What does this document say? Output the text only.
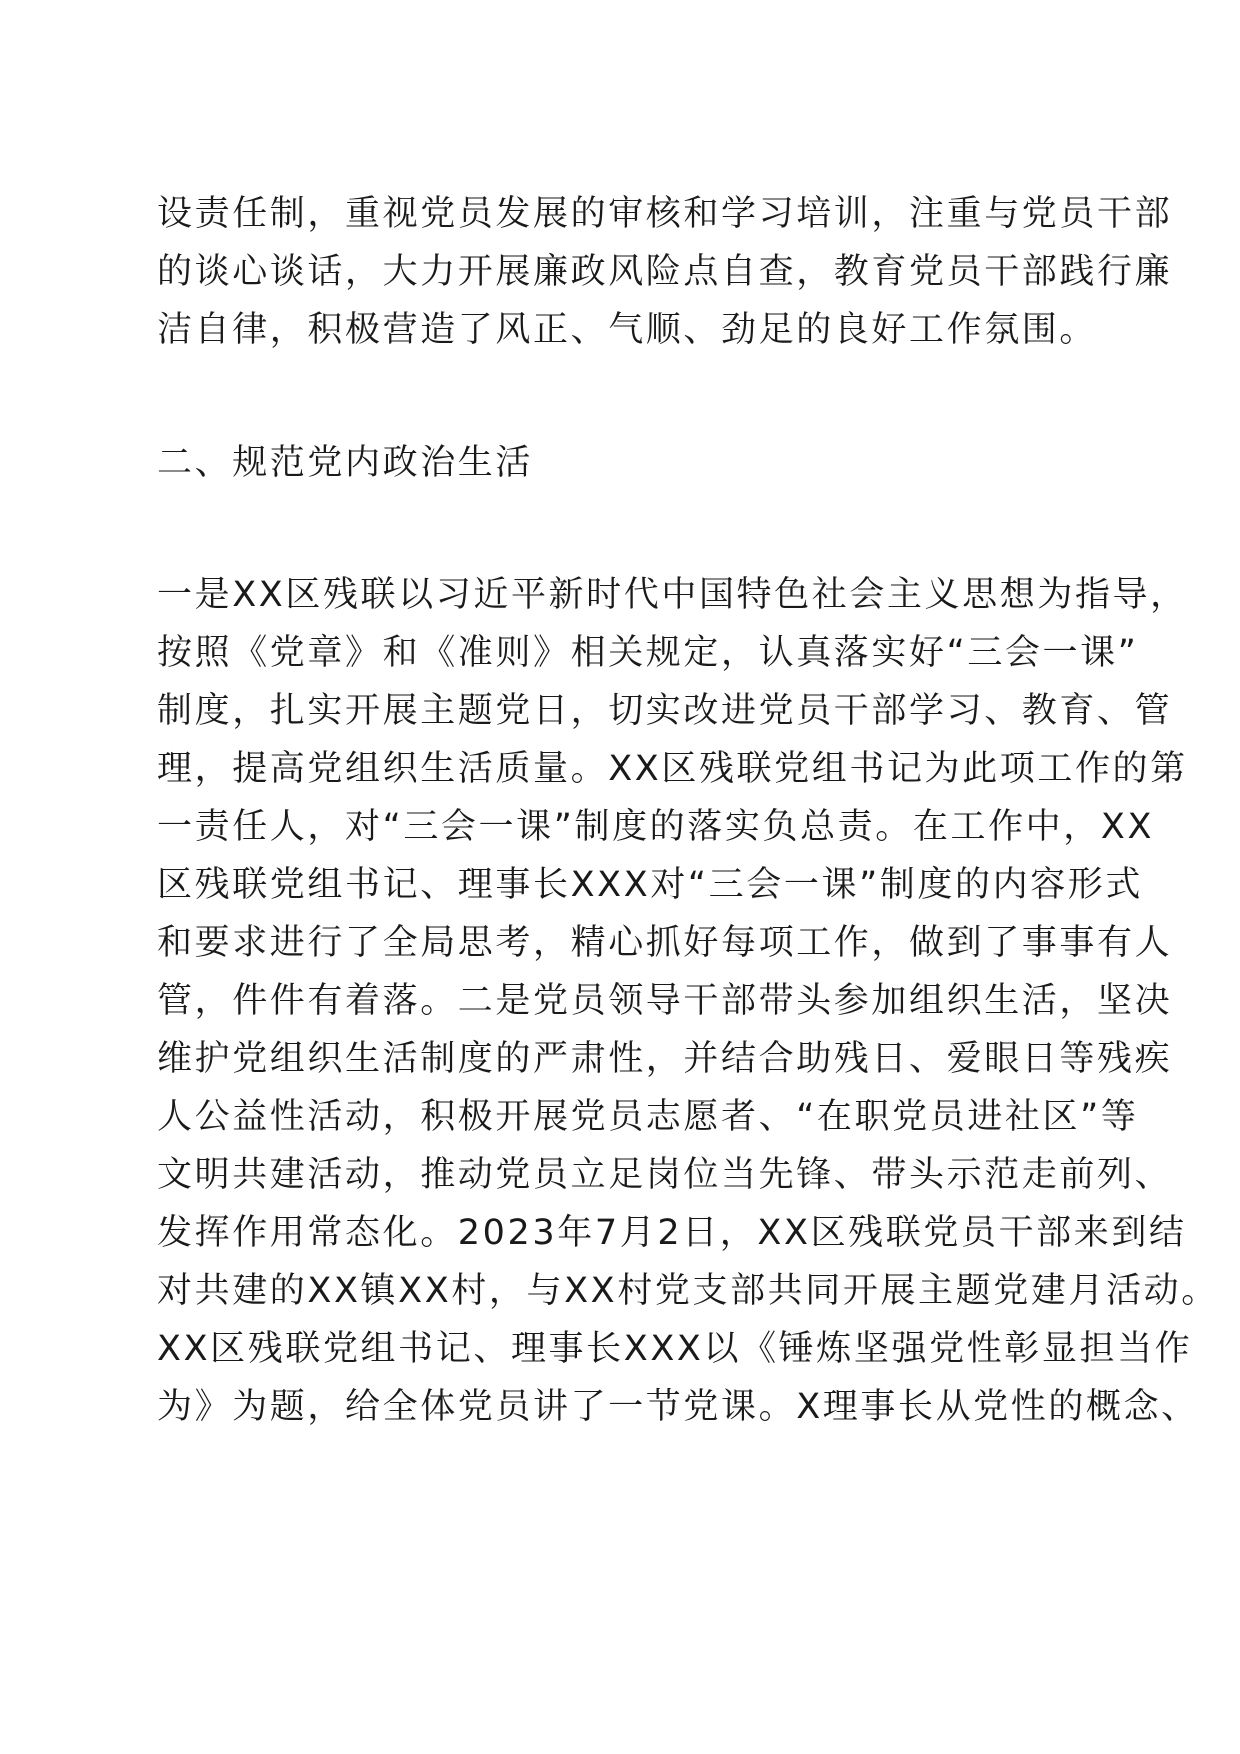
设责任制，重视党员发展的审核和学习培训，注重与党员干部
的谈心谈话，大力开展廉政风险点自查，教育党员干部践行廉
洁自律，积极营造了风正、气顺、劲足的良好工作氛围。
二、规范党内政治生活
一是XX区残联以习近平新时代中国特色社会主义思想为指导，
按照《党章》和《准则》相关规定，认真落实好“三会一课”
制度，扎实开展主题党日，切实改进党员干部学习、教育、管
理，提高党组织生活质量。XX区残联党组书记为此项工作的第
一责任人，对“三会一课”制度的落实负总责。在工作中，XX
区残联党组书记、理事长XXX对“三会一课”制度的内容形式
和要求进行了全局思考，精心抓好每项工作，做到了事事有人
管，件件有着落。二是党员领导干部带头参加组织生活，坚决
维护党组织生活制度的严肃性，并结合助残日、爱眼日等残疾
人公益性活动，积极开展党员志愿者、“在职党员进社区”等
文明共建活动，推动党员立足岗位当先锋、带头示范走前列、
发挥作用常态化。2023年7月2日，XX区残联党员干部来到结
对共建的XX镇XX村，与XX村党支部共同开展主题党建月活动。
XX区残联党组书记、理事长XXX以《锤炼坚强党性彰显担当作
为》为题，给全体党员讲了一节党课。X理事长从党性的概念、
